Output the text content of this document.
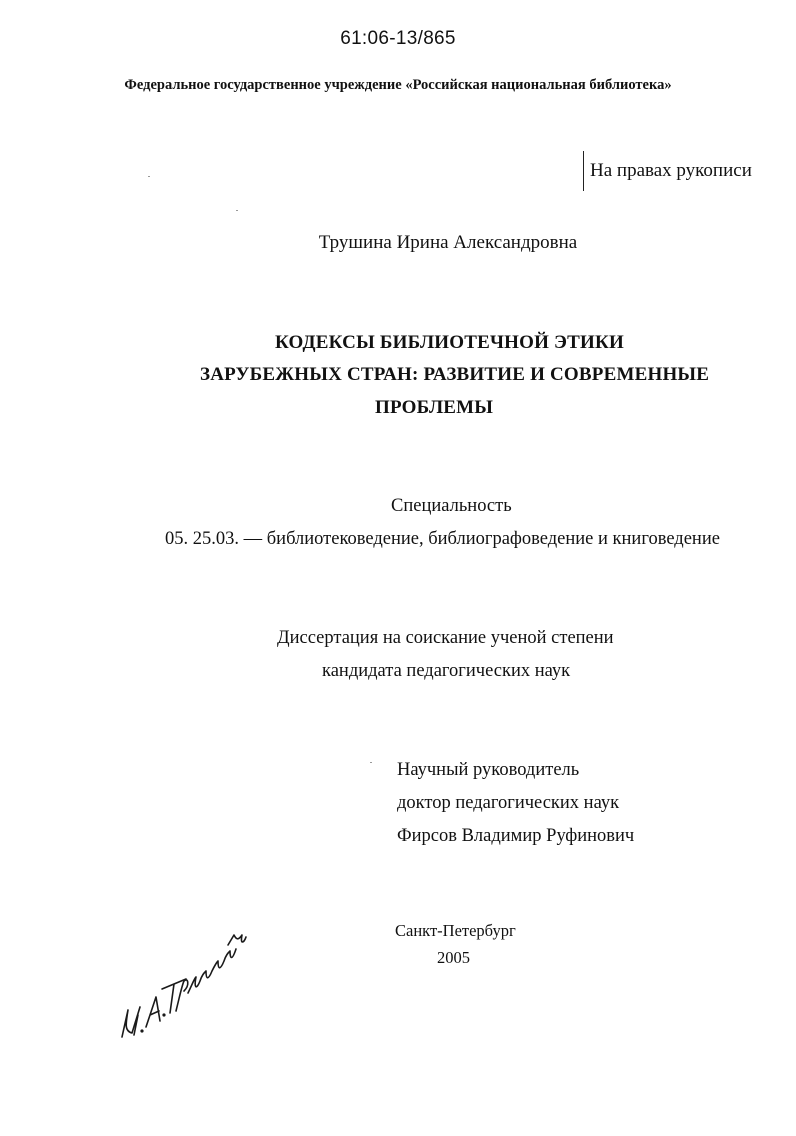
61:06-13/865
Федеральное государственное учреждение «Российская национальная библиотека»
На правах рукописи
Трушина Ирина Александровна
КОДЕКСЫ БИБЛИОТЕЧНОЙ ЭТИКИ
ЗАРУБЕЖНЫХ СТРАН: РАЗВИТИЕ И СОВРЕМЕННЫЕ
ПРОБЛЕМЫ
Специальность
05. 25.03. — библиотековедение, библиографоведение и книговедение
Диссертация на соискание ученой степени
кандидата педагогических наук
Научный руководитель
доктор педагогических наук
Фирсов Владимир Руфинович
Санкт-Петербург
2005
